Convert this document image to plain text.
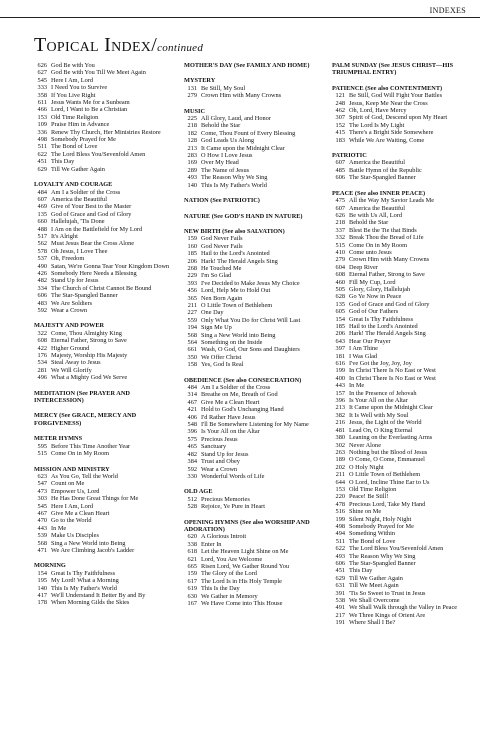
INDEXES
Topical Index/continued
626 God Be with You
627 God Be with You Till We Meet Again
545 Here I Am, Lord
333 I Need You to Survive
358 If You Live Right
611 Jesus Wants Me for a Sunbeam
466 Lord, I Want to Be a Christian
153 Old Time Religion
109 Praise Him in Advance
336 Renew Thy Church, Her Ministries Restore
498 Somebody Prayed for Me
511 The Bond of Love
622 The Lord Bless You/Sevenfold Amen
451 This Day
629 Till We Gather Again
LOYALTY AND COURAGE
484 Am I a Soldier of the Cross
607 America the Beautiful
469 Give of Your Best to the Master
135 God of Grace and God of Glory
660 Hallelujah, 'Tis Done
488 I Am on the Battlefield for My Lord
517 It's Alright
562 Must Jesus Bear the Cross Alone
578 Oh Jesus, I Love Thee
537 Oh, Freedom
490 Satan, We're Gonna Tear Your Kingdom Down
426 Somebody Here Needs a Blessing
482 Stand Up for Jesus
334 The Church of Christ Cannot Be Bound
606 The Star-Spangled Banner
483 We Are Soldiers
592 Wear a Crown
MAJESTY AND POWER
322 Come, Thou Almighty King
608 Eternal Father, Strong to Save
422 Higher Ground
176 Majesty, Worship His Majesty
534 Steal Away to Jesus
281 We Will Glorify
496 What a Mighty God We Serve
MEDITATION (See PRAYER AND INTERCESSION)
MERCY (See GRACE, MERCY AND FORGIVENESS)
METER HYMNS
595 Before This Time Another Year
515 Come On in My Room
MISSION AND MINISTRY
623 As You Go, Tell the World
547 Count on Me
473 Empower Us, Lord
303 He Has Done Great Things for Me
545 Here I Am, Lord
467 Give Me a Clean Heart
470 Go to the World
443 In Me
539 Make Us Disciples
568 Sing a New World into Being
471 We Are Climbing Jacob's Ladder
MORNING
154 Great Is Thy Faithfulness
195 My Lord! What a Morning
140 This Is My Father's World
417 We'll Understand It Better By and By
178 When Morning Gilds the Skies
MOTHER'S DAY (See FAMILY AND HOME)
MYSTERY
131 Be Still, My Soul
279 Crown Him with Many Crowns
MUSIC
225 All Glory, Laud, and Honor
218 Behold the Star
182 Come, Thou Fount of Every Blessing
128 God Leads Us Along
213 It Came upon the Midnight Clear
283 O How I Love Jesus
169 Over My Head
289 The Name of Jesus
493 The Reason Why We Sing
140 This Is My Father's World
NATION (See PATRIOTIC)
NATURE (See GOD'S HAND IN NATURE)
NEW BIRTH (See also SALVATION)
159 God Never Fails
160 God Never Fails
185 Hail to the Lord's Anointed
206 Hark! The Herald Angels Sing
268 He Touched Me
229 I'm So Glad
393 I've Decided to Make Jesus My Choice
456 Lord, Help Me to Hold Out
365 Nen Born Again
211 O Little Town of Bethlehem
227 One Day
559 Only What You Do for Christ Will Last
194 Sign Me Up
568 Sing a New World into Being
564 Something on the Inside
661 Wash, O God, Our Sons and Daughters
350 We Offer Christ
158 Yes, God Is Real
OBEDIENCE (See also CONSECRATION)
484 Am I a Soldier of the Cross
314 Breathe on Me, Breath of God
467 Give Me a Clean Heart
421 Hold to God's Unchanging Hand
406 I'd Rather Have Jesus
548 I'll Be Somewhere Listening for My Name
396 Is Your All on the Altar
575 Precious Jesus
465 Sanctuary
482 Stand Up for Jesus
384 Trust and Obey
592 Wear a Crown
330 Wonderful Words of Life
OLD AGE
512 Precious Memories
528 Rejoice, Ye Pure in Heart
OPENING HYMNS (See also WORSHIP AND ADORATION)
620 A Glorious Introit
338 Enter In
618 Let the Heaven Light Shine on Me
621 Lord, You Are Welcome
665 Risen Lord, We Gather Round You
159 The Glory of the Lord
617 The Lord Is in His Holy Temple
619 This Is the Day
630 We Gather in Memory
167 We Have Come into This House
PALM SUNDAY (See JESUS CHRIST—HIS TRIUMPHAL ENTRY)
PATIENCE (See also CONTENTMENT)
121 Be Still, God Will Fight Your Battles
248 Jesus, Keep Me Near the Cross
462 Oh, Lord, Have Mercy
307 Spirit of God, Descend upon My Heart
152 The Lord Is My Light
415 There's a Bright Side Somewhere
183 While We Are Waiting, Come
PATRIOTIC
607 America the Beautiful
485 Battle Hymn of the Republic
606 The Star-Spangled Banner
PEACE (See also INNER PEACE)
475 All the Way My Savior Leads Me
607 America the Beautiful
626 Be with Us All, Lord
218 Behold the Star
337 Blest Be the Tie that Binds
332 Break Thou the Bread of Life
515 Come On in My Room
410 Come unto Jesus
279 Crown Him with Many Crowns
604 Deep River
608 Eternal Father, Strong to Save
460 Fill My Cup, Lord
505 Glory, Glory, Hallelujah
628 Go Ye Now in Peace
135 God of Grace and God of Glory
605 God of Our Fathers
154 Great Is Thy Faithfulness
185 Hail to the Lord's Anointed
206 Hark! The Herald Angels Sing
643 Hear Our Prayer
397 I Am Thine
181 I Was Glad
616 I've Got the Joy, Joy, Joy
199 In Christ There Is No East or West
400 In Christ There Is No East or West
443 In Me
157 In the Presence of Jehovah
396 Is Your All on the Altar
213 It Came upon the Midnight Clear
382 It Is Well with My Soul
216 Jesus, the Light of the World
481 Lead On, O King Eternal
380 Leaning on the Everlasting Arms
302 Never Alone
263 Nothing but the Blood of Jesus
189 O Come, O Come, Emmanuel
202 O Holy Night
211 O Little Town of Bethlehem
644 O Lord, Incline Thine Ear to Us
153 Old Time Religion
220 Peace! Be Still!
478 Precious Lord, Take My Hand
516 Shine on Me
199 Silent Night, Holy Night
498 Somebody Prayed for Me
494 Something Within
511 The Bond of Love
622 The Lord Bless You/Sevenfold Amen
493 The Reason Why We Sing
606 The Star-Spangled Banner
451 This Day
629 Till We Gather Again
631 Till We Meet Again
391 'Tis So Sweet to Trust in Jesus
538 We Shall Overcome
491 We Shall Walk through the Valley in Peace
217 We Three Kings of Orient Are
191 Where Shall I Be?
